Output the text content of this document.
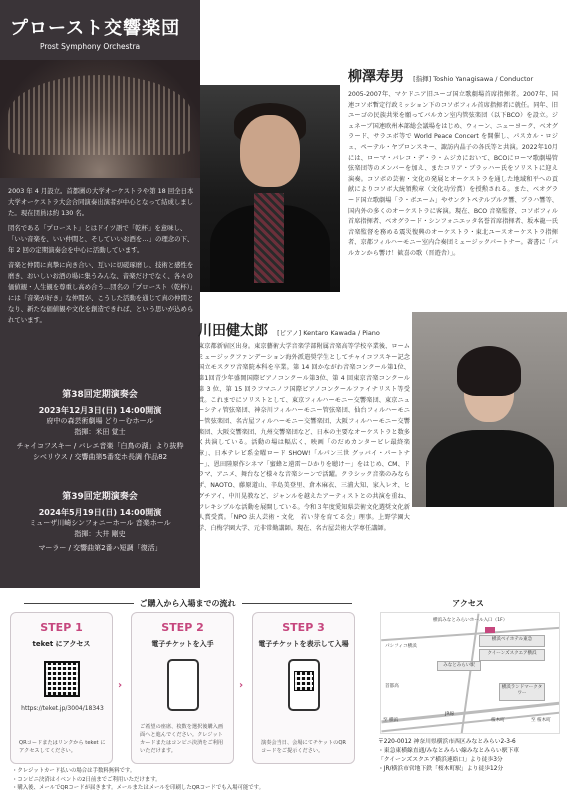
プロースト交響楽団
Prost Symphony Orchestra

2003 年 4 月設立。首都圏の大学オーケストラや第 18 回全日本大学オーケストラ大会合同演奏出演者が中心となって結成しました。現在団員は約 130 名。

団名である「プロースト」とはドイツ語で「乾杯」を意味し、「いい音楽を、いい仲間と、そしていいお酒を…」の理念の下、年 2 回の定期演奏会を中心に活動しています。

音楽と仲間に真摯に向き合い、互いに切磋琢磨し、技術と感性を磨き、おいしいお酒の場に集うみんな、音楽だけでなく、各々の価値観・人生観を尊重し高め合う…団名の「プロースト（乾杯）」には「音楽が好き」な仲間が、こうした活動を通じて真の仲間となり、新たな価値観や文化を創造できれば、という思いが込められています。

第38回定期演奏会
2023年12月3日(日) 14:00開演
府中の森芸術劇場 どりーむホール
指揮：米田 覚士
チャイコフスキー / バレエ音楽「白鳥の湖」より抜粋
シベリウス / 交響曲第5番変ホ長調 作品82
第39回定期演奏会
2024年5月19日(日) 14:00開演
ミューザ川崎シンフォニーホール 音楽ホール
指揮：大井 剛史
マーラー / 交響曲第2番ハ短調「復活」
柳澤寿男 [指揮] Toshio Yanagisawa / Conductor
2005-2007年、マケドニア旧ユーゴ国立歌劇場首席指揮者。2007年、国連コソボ暫定行政ミッション下のコソボフィル首席指揮者に就任。同年、旧ユーゴの民族共栄を願ってバルカン室内管弦楽団（以下BCO）を設立。ジュネーブ国連欧州本部総会議場をはじめ、ウィーン、ニューヨーク、ベオグラード、サラエボ等で World Peace Concert を開催し、パスカル・ロジェ、ペーテル・ヤブロンスキー、諏訪内晶子の各氏等と共演。2022年10月には、ローマ・バレコ・デ・ラ・ムジカにおいて、BCOにローマ歌劇場管弦楽団等のメンバーを加え、またコリア・ブラッハー氏をソリストに迎え演奏。コソボの芸術・文化の発展とオーケストラを通した地域和平への貢献によりコソボ大統領勲章（文化功労賞）を授勲される。また、ベオグラード国立歌劇場「ラ・ボエーム」やサンクトペテルブルク響、ブラハ響等、国内外の多くのオーケストラに客演。現在、BCO 音楽監督、コソボフィル首席指揮者、ベオグラード・シンフォニエッタ名誉首席指揮者、坂本龍一氏音楽監督を務める震災復興のオーケストラ・東北ユースオーケストラ指揮者、京都フィルハーモニー室内合奏団ミュージックパートナー。著書に「バルカンから響け！歓喜の歌（晋遊舎）」。
川田健太郎 [ピアノ] Kentaro Kawada / Piano
東京都新宿区出身。東京藝術大学音楽学部附属音楽高等学校卒業後、ローム ミュージックファンデーション海外派遣奨学生としてチャイコフスキー記念国立モスクワ音楽院本科を卒業。第 14 回かながわ音楽コンクール第1位、第1回青少年盛岡国際ピアノコンクール第3位、第 4 回東京音楽コンクール第 3 位、第 15 回ラフマニノフ国際ピアノコンクールファイナリスト等受賞。これまでにソリストとして、東京フィルハーモニー交響楽団、東京ニューシティ管弦楽団、神奈川フィルハーモニー管弦楽団、仙台フィルハーモニー管弦楽団、名古屋フィルハーモニー交響楽団、大阪フィルハーモニー交響楽団、大阪交響楽団、九州交響楽団など、日本の主要なオーケストラと数多く共演している。活動の場は幅広く、映画「のだめカンタービレ最終楽章」、日本テレビ系金曜ロード SHOW!「ルパン三世 グッバイ・パートナー」、恩田陸原作シネマ「蜜蜂と遠雷〜ひかりを聴け〜」をはじめ、CM、ドラマ、アニメ、舞台など様々な音楽シーンで活躍。クラシック音楽のみならず、NAOTO、藤原道山、辛島美登里、倉木麻衣、三浦大知、家入レオ、ヒグチアイ、中川晃教など、ジャンルを越えたアーティストとの共演を重ね、フレキシブルな活動を展開している。令和３年度愛知県芸術文化選奨文化新人賞受賞。「NPO 法人芸術・文化　若い芽を育てる会」理事。上野学園大学、白梅学園大学、元非常勤講師。現在、名古屋芸術大学専任講師。
ご購入から入場までの流れ
STEP 1
teket にアクセス
https://teket.jp/3004/18343
QRコードまたはリンクから teket にアクセスしてください。
›
STEP 2
電子チケットを入手
ご希望の座席、枚数を選択後購入画面へと進んでください。クレジットカードまたはコンビニ決済をご利用いただけます。
›
STEP 3
電子チケットを表示して入場
演奏会当日、会場にてチケットのQRコードをご提示ください。
・クレジットカード払いの場合は手数料無料です。
・コンビニ決済はイベントの2日前までご利用いただけます。
・購入後、メールでQRコードが届きます。メールまたはメールを印刷したQRコードでも入場可能です。
アクセス
横浜みなとみらいホール入口（1F）
横浜ベイホテル東急
クイーンズスクエア横浜
みなとみらい駅
横浜ランドマークタワー
至 横浜	至 桜木町
JR線
桜木町
パシフィコ横浜
首都高
〒220-0012 神奈川県横浜市西区みなとみらい2-3-6
・東急東横線直通/みなとみらい線みなとみらい駅下車
「クイーンズスクエア横浜連絡口」より徒歩3分
・JR/横浜市営地下鉄「桜木町駅」より徒歩12分
